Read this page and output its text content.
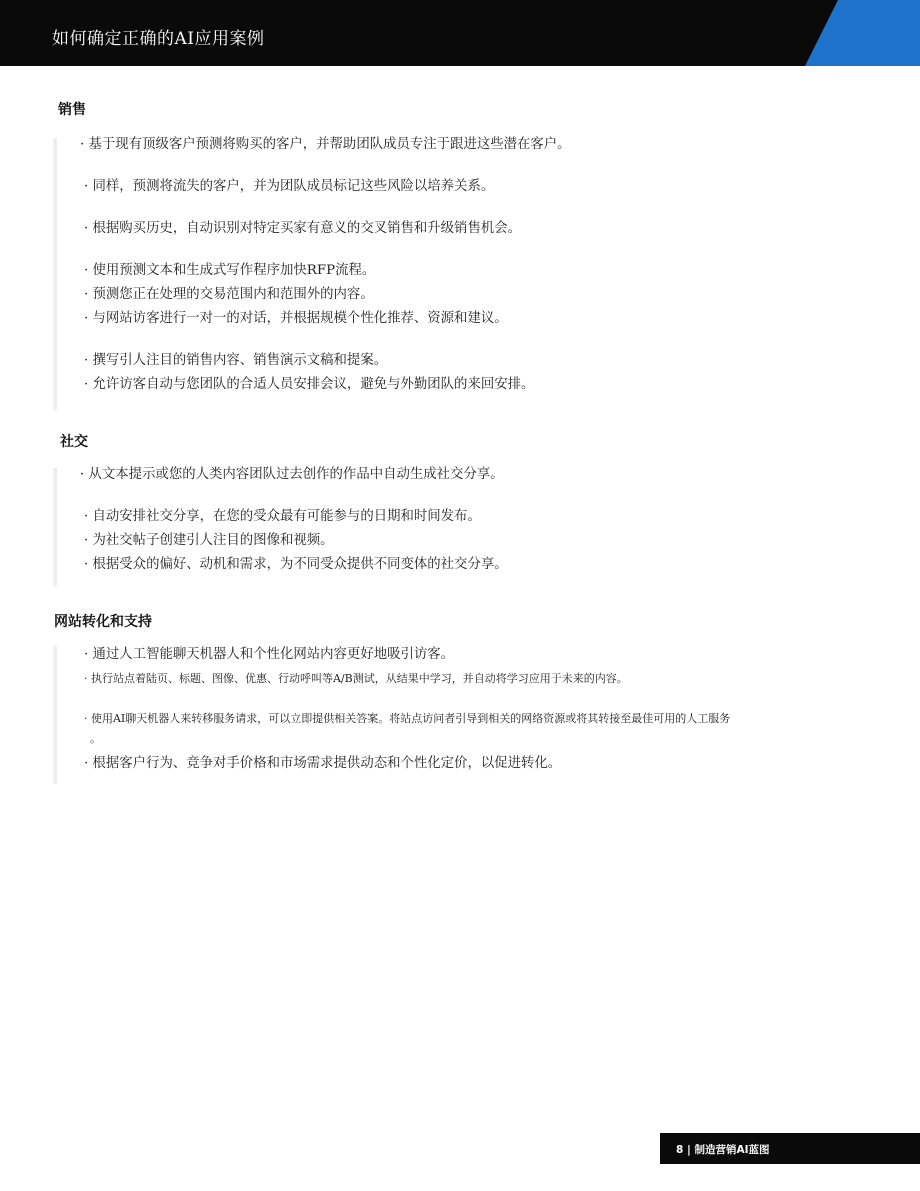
如何确定正确的AI应用案例
销售
· 基于现有顶级客户预测将购买的客户，并帮助团队成员专注于跟进这些潜在客户。
· 同样，预测将流失的客户，并为团队成员标记这些风险以培养关系。
· 根据购买历史，自动识别对特定买家有意义的交叉销售和升级销售机会。
· 使用预测文本和生成式写作程序加快RFP流程。
· 预测您正在处理的交易范围内和范围外的内容。
· 与网站访客进行一对一的对话，并根据规模个性化推荐、资源和建议。
· 撰写引人注目的销售内容、销售演示文稿和提案。
· 允许访客自动与您团队的合适人员安排会议，避免与外勤团队的来回安排。
社交
· 从文本提示或您的人类内容团队过去创作的作品中自动生成社交分享。
· 自动安排社交分享，在您的受众最有可能参与的日期和时间发布。
· 为社交帖子创建引人注目的图像和视频。
· 根据受众的偏好、动机和需求，为不同受众提供不同变体的社交分享。
网站转化和支持
· 通过人工智能聊天机器人和个性化网站内容更好地吸引访客。
· 执行站点着陆页、标题、图像、优惠、行动呼叫等A/B测试，从结果中学习，并自动将学习应用于未来的内容。
· 使用AI聊天机器人来转移服务请求，可以立即提供相关答案。将站点访问者引导到相关的网络资源或将其转接至最佳可用的人工服务
。
· 根据客户行为、竞争对手价格和市场需求提供动态和个性化定价，以促进转化。
8 | 制造营销AI蓝图
